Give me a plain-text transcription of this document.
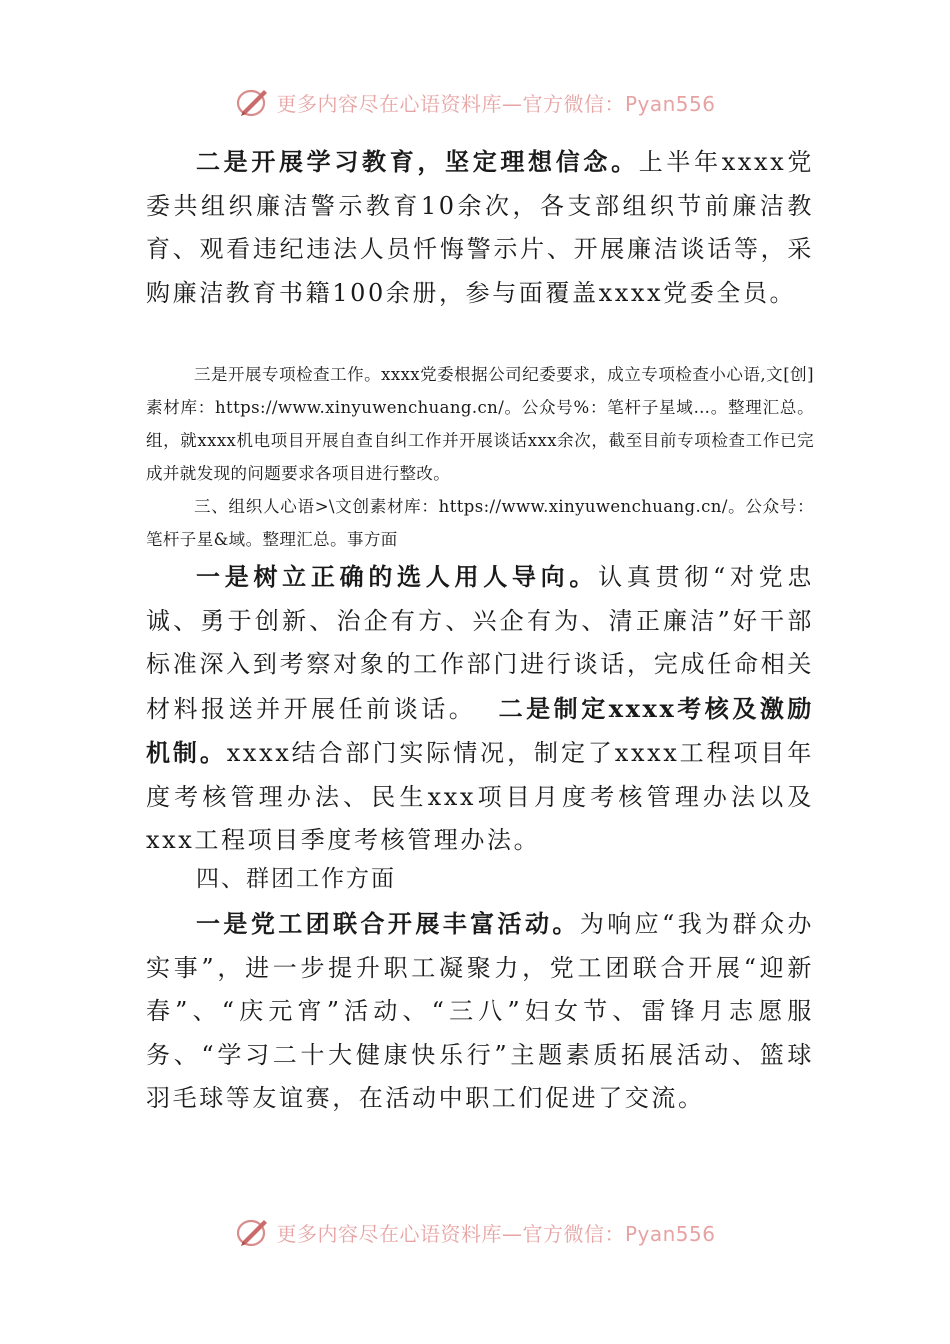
更多内容尽在心语资料库—官方微信：Pyan556
二是开展学习教育，坚定理想信念。上半年xxxx党委共组织廉洁警示教育10余次，各支部组织节前廉洁教育、观看违纪违法人员忏悔警示片、开展廉洁谈话等，采购廉洁教育书籍100余册，参与面覆盖xxxx党委全员。
三是开展专项检查工作。xxxx党委根据公司纪委要求，成立专项检查小心语,文[创]素材库：https://www.xinyuwenchuang.cn/。公众号%：笔杆子星域…。整理汇总。组，就xxxx机电项目开展自查自纠工作并开展谈话xxx余次，截至目前专项检查工作已完成并就发现的问题要求各项目进行整改。
三、组织人心语>\文创素材库：https://www.xinyuwenchuang.cn/。公众号：笔杆子星&域。整理汇总。事方面
一是树立正确的选人用人导向。认真贯彻“对党忠诚、勇于创新、治企有方、兴企有为、清正廉洁”好干部标准深入到考察对象的工作部门进行谈话，完成任命相关材料报送并开展任前谈话。 二是制定xxxx考核及激励机制。xxxx结合部门实际情况，制定了xxxx工程项目年度考核管理办法、民生xxx项目月度考核管理办法以及xxx工程项目季度考核管理办法。
四、群团工作方面
一是党工团联合开展丰富活动。为响应“我为群众办实事”，进一步提升职工凝聚力，党工团联合开展“迎新春”、“庆元宵”活动、“三八”妇女节、雷锋月志愿服务、“学习二十大健康快乐行”主题素质拓展活动、篮球羽毛球等友谊赛，在活动中职工们促进了交流。
更多内容尽在心语资料库—官方微信：Pyan556
